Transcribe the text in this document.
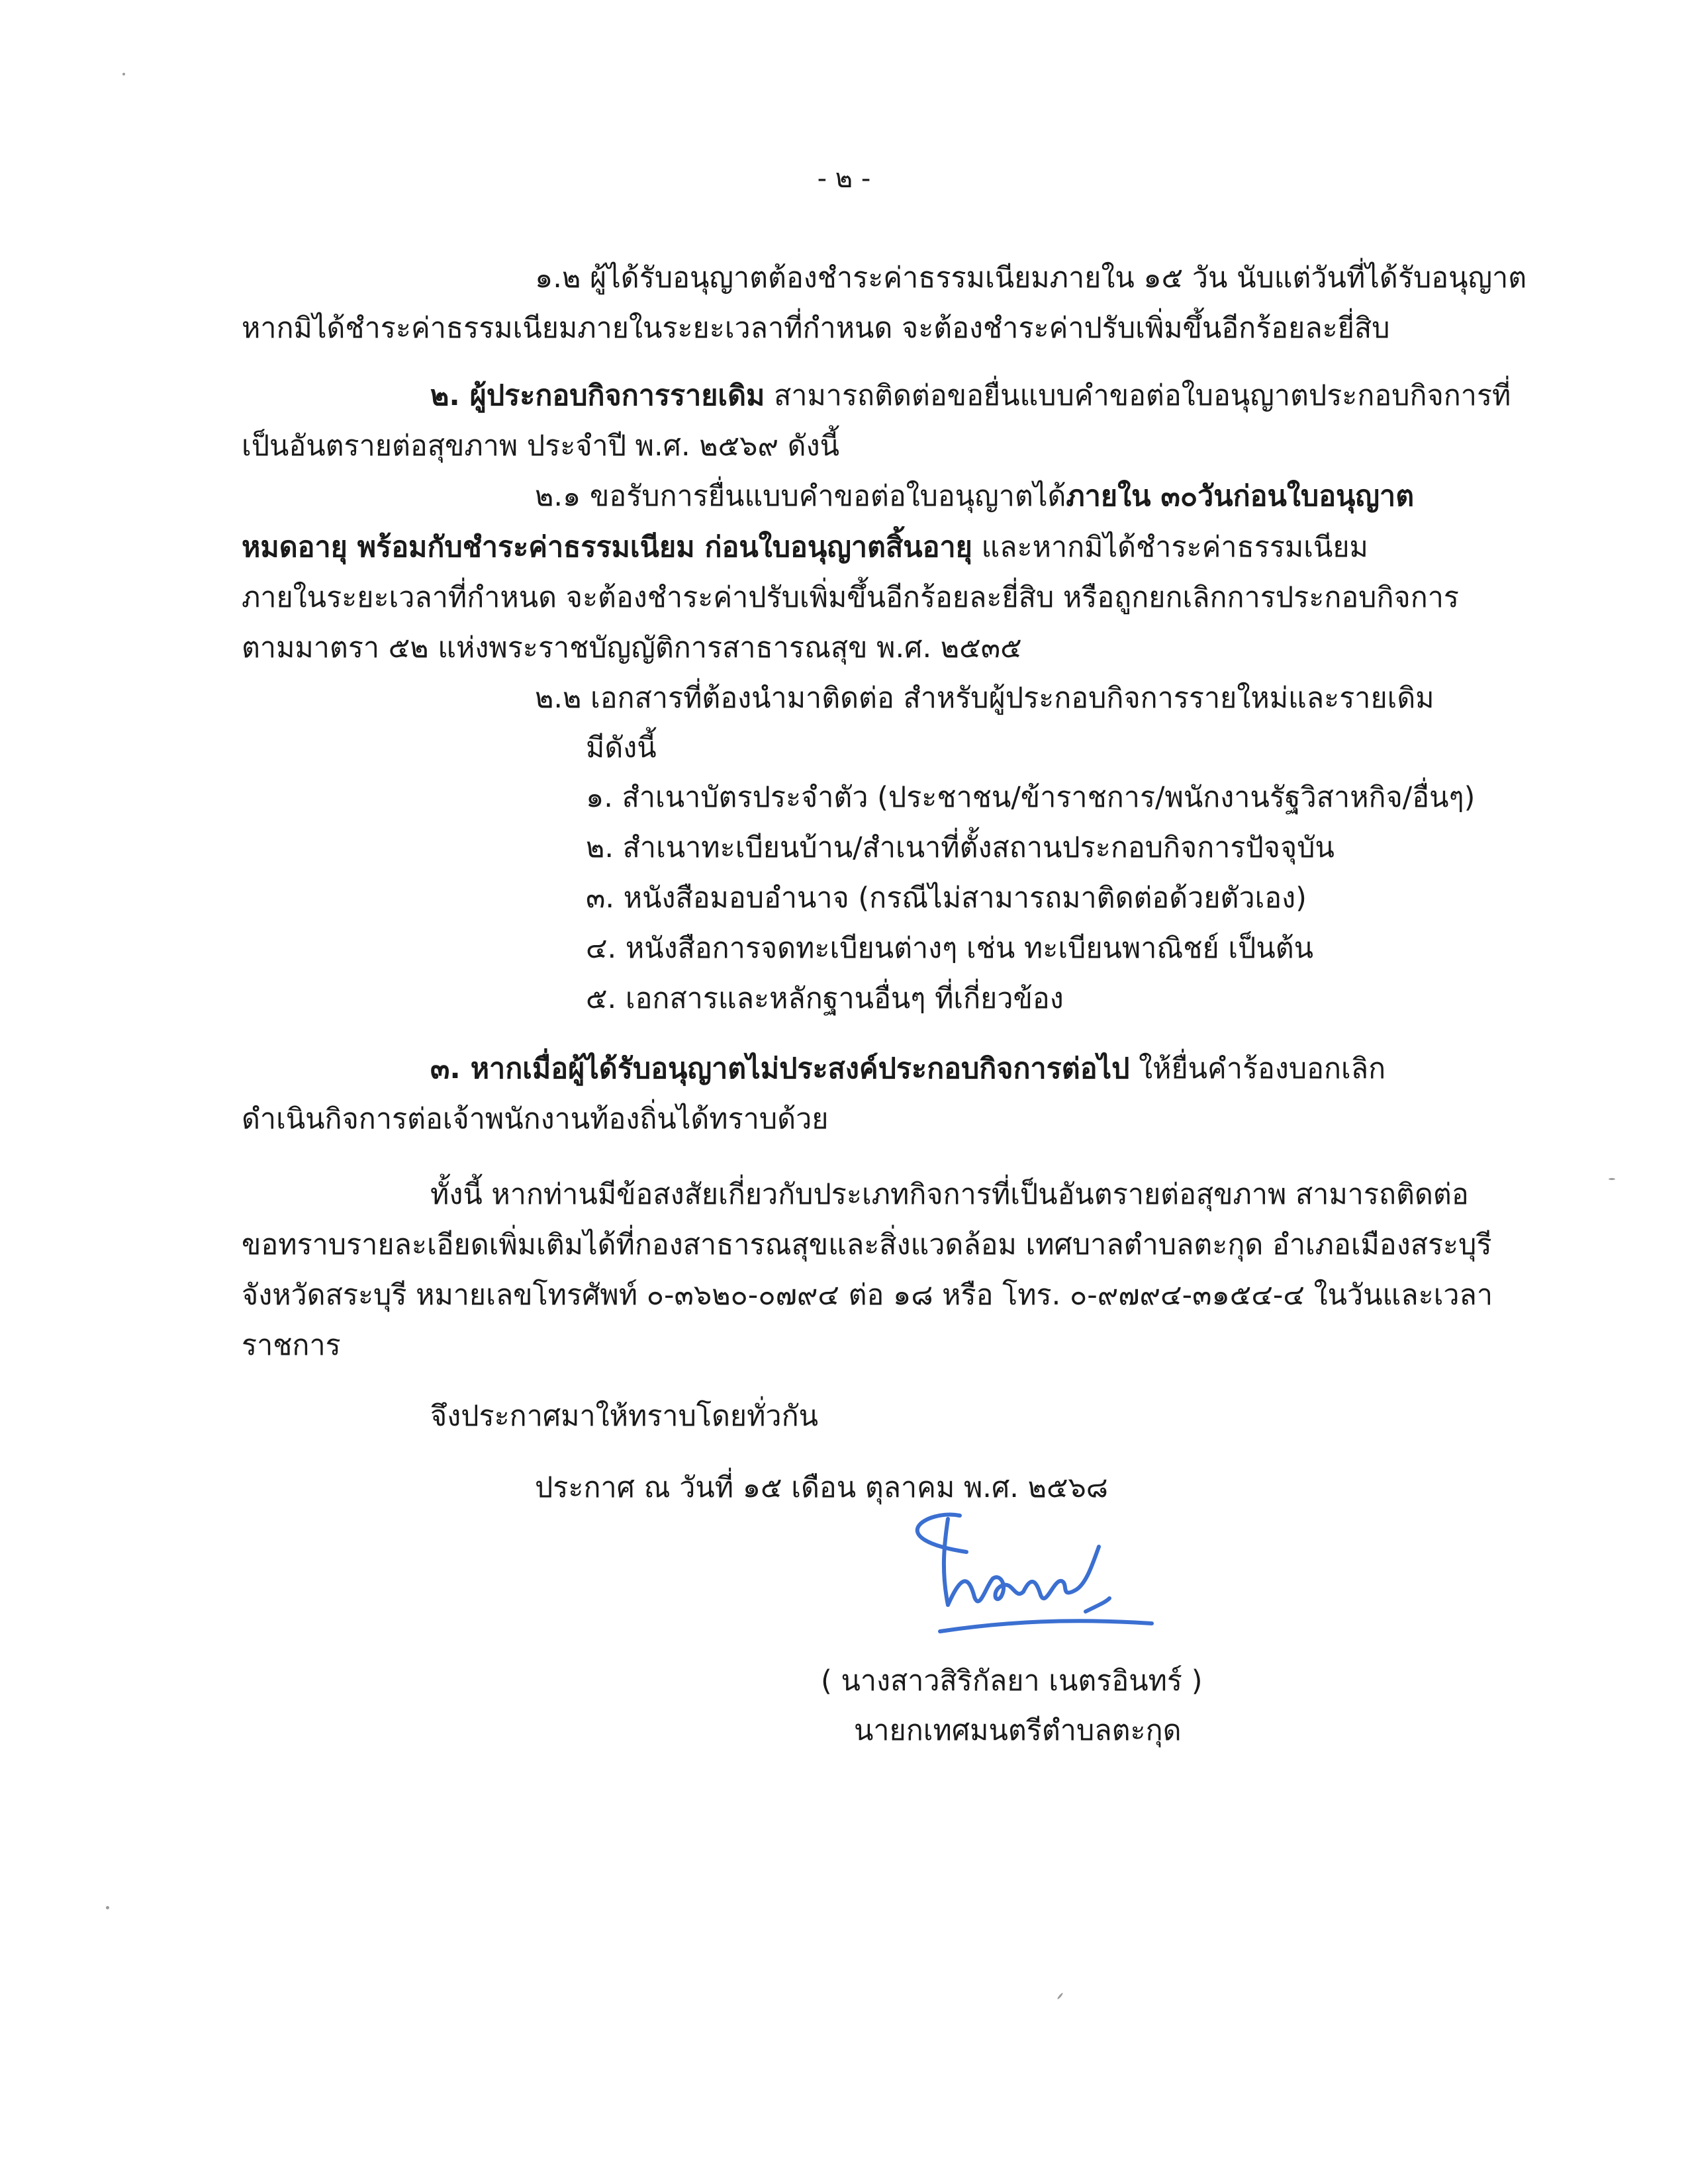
- ๒ -

๑.๒ ผู้ได้รับอนุญาตต้องชำระค่าธรรมเนียมภายใน ๑๕ วัน นับแต่วันที่ได้รับอนุญาต

หากมิได้ชำระค่าธรรมเนียมภายในระยะเวลาที่กำหนด จะต้องชำระค่าปรับเพิ่มขึ้นอีกร้อยละยี่สิบ

๒. ผู้ประกอบกิจการรายเดิม สามารถติดต่อขอยื่นแบบคำขอต่อใบอนุญาตประกอบกิจการที่

เป็นอันตรายต่อสุขภาพ ประจำปี พ.ศ. ๒๕๖๙ ดังนี้

๒.๑ ขอรับการยื่นแบบคำขอต่อใบอนุญาตได้ภายใน ๓๐วันก่อนใบอนุญาต

หมดอายุ พร้อมกับชำระค่าธรรมเนียม ก่อนใบอนุญาตสิ้นอายุ และหากมิได้ชำระค่าธรรมเนียม

ภายในระยะเวลาที่กำหนด จะต้องชำระค่าปรับเพิ่มขึ้นอีกร้อยละยี่สิบ หรือถูกยกเลิกการประกอบกิจการ

ตามมาตรา ๕๒ แห่งพระราชบัญญัติการสาธารณสุข พ.ศ. ๒๕๓๕

๒.๒ เอกสารที่ต้องนำมาติดต่อ สำหรับผู้ประกอบกิจการรายใหม่และรายเดิม

มีดังนี้

๑. สำเนาบัตรประจำตัว (ประชาชน/ข้าราชการ/พนักงานรัฐวิสาหกิจ/อื่นๆ)

๒. สำเนาทะเบียนบ้าน/สำเนาที่ตั้งสถานประกอบกิจการปัจจุบัน

๓. หนังสือมอบอำนาจ (กรณีไม่สามารถมาติดต่อด้วยตัวเอง)

๔. หนังสือการจดทะเบียนต่างๆ เช่น ทะเบียนพาณิชย์ เป็นต้น

๕. เอกสารและหลักฐานอื่นๆ ที่เกี่ยวข้อง

๓. หากเมื่อผู้ได้รับอนุญาตไม่ประสงค์ประกอบกิจการต่อไป ให้ยื่นคำร้องบอกเลิก

ดำเนินกิจการต่อเจ้าพนักงานท้องถิ่นได้ทราบด้วย

ทั้งนี้ หากท่านมีข้อสงสัยเกี่ยวกับประเภทกิจการที่เป็นอันตรายต่อสุขภาพ สามารถติดต่อ

ขอทราบรายละเอียดเพิ่มเติมได้ที่กองสาธารณสุขและสิ่งแวดล้อม เทศบาลตำบลตะกุด อำเภอเมืองสระบุรี

จังหวัดสระบุรี หมายเลขโทรศัพท์ ๐-๓๖๒๐-๐๗๙๔ ต่อ ๑๘ หรือ โทร. ๐-๙๗๙๔-๓๑๕๔-๔ ในวันและเวลา

ราชการ

จึงประกาศมาให้ทราบโดยทั่วกัน

ประกาศ ณ วันที่ ๑๕ เดือน ตุลาคม พ.ศ. ๒๕๖๘

( นางสาวสิริกัลยา เนตรอินทร์ )

นายกเทศมนตรีตำบลตะกุด
